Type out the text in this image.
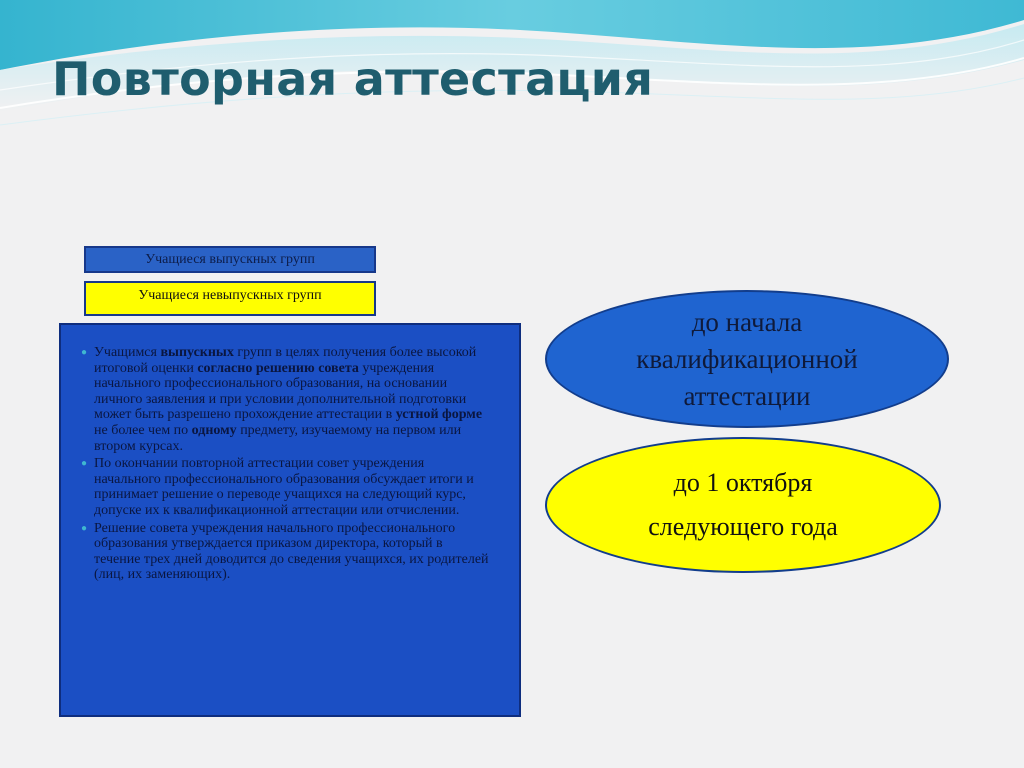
Повторная аттестация
Учащиеся выпускных групп
Учащиеся невыпускных групп
● Учащимся выпускных групп в целях получения более высокой итоговой оценки согласно решению совета учреждения начального профессионального образования, на основании личного заявления и при условии дополнительной подготовки может быть разрешено прохождение аттестации в устной форме не более чем по одному предмету, изучаемому на первом или втором курсах.
● По окончании повторной аттестации совет учреждения начального профессионального образования обсуждает итоги и принимает решение о переводе учащихся на следующий курс, допуске их к квалификационной аттестации или отчислении.
● Решение совета учреждения начального профессионального образования утверждается приказом директора, который в течение трех дней доводится до сведения учащихся, их родителей (лиц, их заменяющих).
до начала
квалификационной
аттестации
до 1 октября
следующего года
